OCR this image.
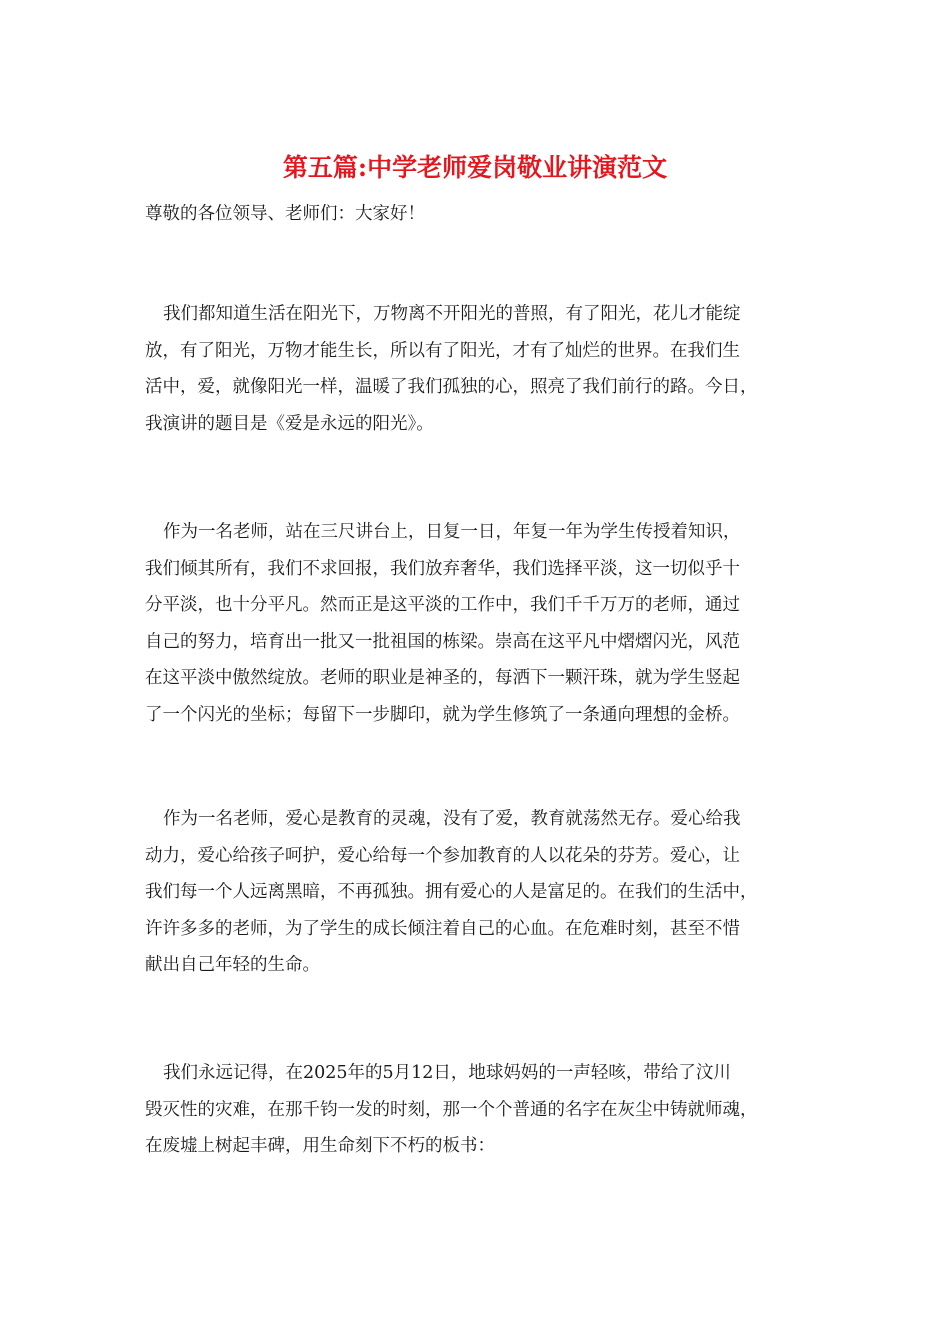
第五篇:中学老师爱岗敬业讲演范文

尊敬的各位领导、老师们：大家好！

我们都知道生活在阳光下，万物离不开阳光的普照，有了阳光，花儿才能绽
放，有了阳光，万物才能生长，所以有了阳光，才有了灿烂的世界。在我们生
活中，爱，就像阳光一样，温暖了我们孤独的心，照亮了我们前行的路。今日，
我演讲的题目是《爱是永远的阳光》。
作为一名老师，站在三尺讲台上，日复一日，年复一年为学生传授着知识，
我们倾其所有，我们不求回报，我们放弃奢华，我们选择平淡，这一切似乎十
分平淡，也十分平凡。然而正是这平淡的工作中，我们千千万万的老师，通过
自己的努力，培育出一批又一批祖国的栋梁。崇高在这平凡中熠熠闪光，风范
在这平淡中傲然绽放。老师的职业是神圣的，每洒下一颗汗珠，就为学生竖起
了一个闪光的坐标；每留下一步脚印，就为学生修筑了一条通向理想的金桥。
作为一名老师，爱心是教育的灵魂，没有了爱，教育就荡然无存。爱心给我
动力，爱心给孩子呵护，爱心给每一个参加教育的人以花朵的芬芳。爱心，让
我们每一个人远离黑暗，不再孤独。拥有爱心的人是富足的。在我们的生活中，
许许多多的老师，为了学生的成长倾注着自己的心血。在危难时刻，甚至不惜
献出自己年轻的生命。
我们永远记得，在2025年的5月12日，地球妈妈的一声轻咳，带给了汶川
毁灭性的灾难，在那千钧一发的时刻，那一个个普通的名字在灰尘中铸就师魂，
在废墟上树起丰碑，用生命刻下不朽的板书：
